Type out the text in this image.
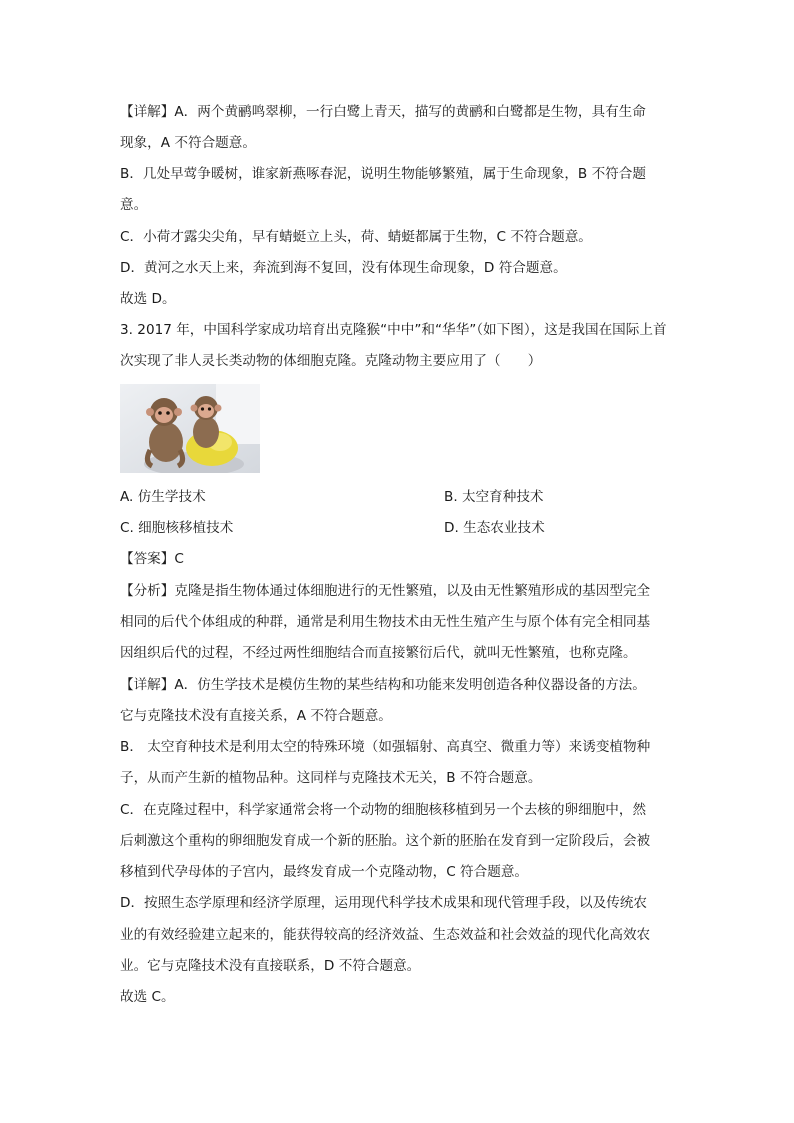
【详解】A．两个黄鹂鸣翠柳，一行白鹭上青天，描写的黄鹂和白鹭都是生物，具有生命
现象，A 不符合题意。
B．几处早莺争暖树，谁家新燕啄春泥，说明生物能够繁殖，属于生命现象，B 不符合题
意。
C．小荷才露尖尖角，早有蜻蜓立上头，荷、蜻蜓都属于生物，C 不符合题意。
D．黄河之水天上来，奔流到海不复回，没有体现生命现象，D 符合题意。
故选 D。
3. 2017 年，中国科学家成功培育出克隆猴“中中”和“华华”（如下图），这是我国在国际上首
次实现了非人灵长类动物的体细胞克隆。克隆动物主要应用了（　　）
A. 仿生学技术	B. 太空育种技术
C. 细胞核移植技术	D. 生态农业技术
【答案】C
【分析】克隆是指生物体通过体细胞进行的无性繁殖，以及由无性繁殖形成的基因型完全
相同的后代个体组成的种群，通常是利用生物技术由无性生殖产生与原个体有完全相同基
因组织后代的过程，不经过两性细胞结合而直接繁衍后代，就叫无性繁殖，也称克隆。
【详解】A．仿生学技术是模仿生物的某些结构和功能来发明创造各种仪器设备的方法。
它与克隆技术没有直接关系，A 不符合题意。
B． 太空育种技术是利用太空的特殊环境（如强辐射、高真空、微重力等）来诱变植物种
子，从而产生新的植物品种。这同样与克隆技术无关，B 不符合题意。
C．在克隆过程中，科学家通常会将一个动物的细胞核移植到另一个去核的卵细胞中，然
后刺激这个重构的卵细胞发育成一个新的胚胎。这个新的胚胎在发育到一定阶段后，会被
移植到代孕母体的子宫内，最终发育成一个克隆动物，C 符合题意。
D．按照生态学原理和经济学原理，运用现代科学技术成果和现代管理手段，以及传统农
业的有效经验建立起来的，能获得较高的经济效益、生态效益和社会效益的现代化高效农
业。它与克隆技术没有直接联系，D 不符合题意。
故选 C。
